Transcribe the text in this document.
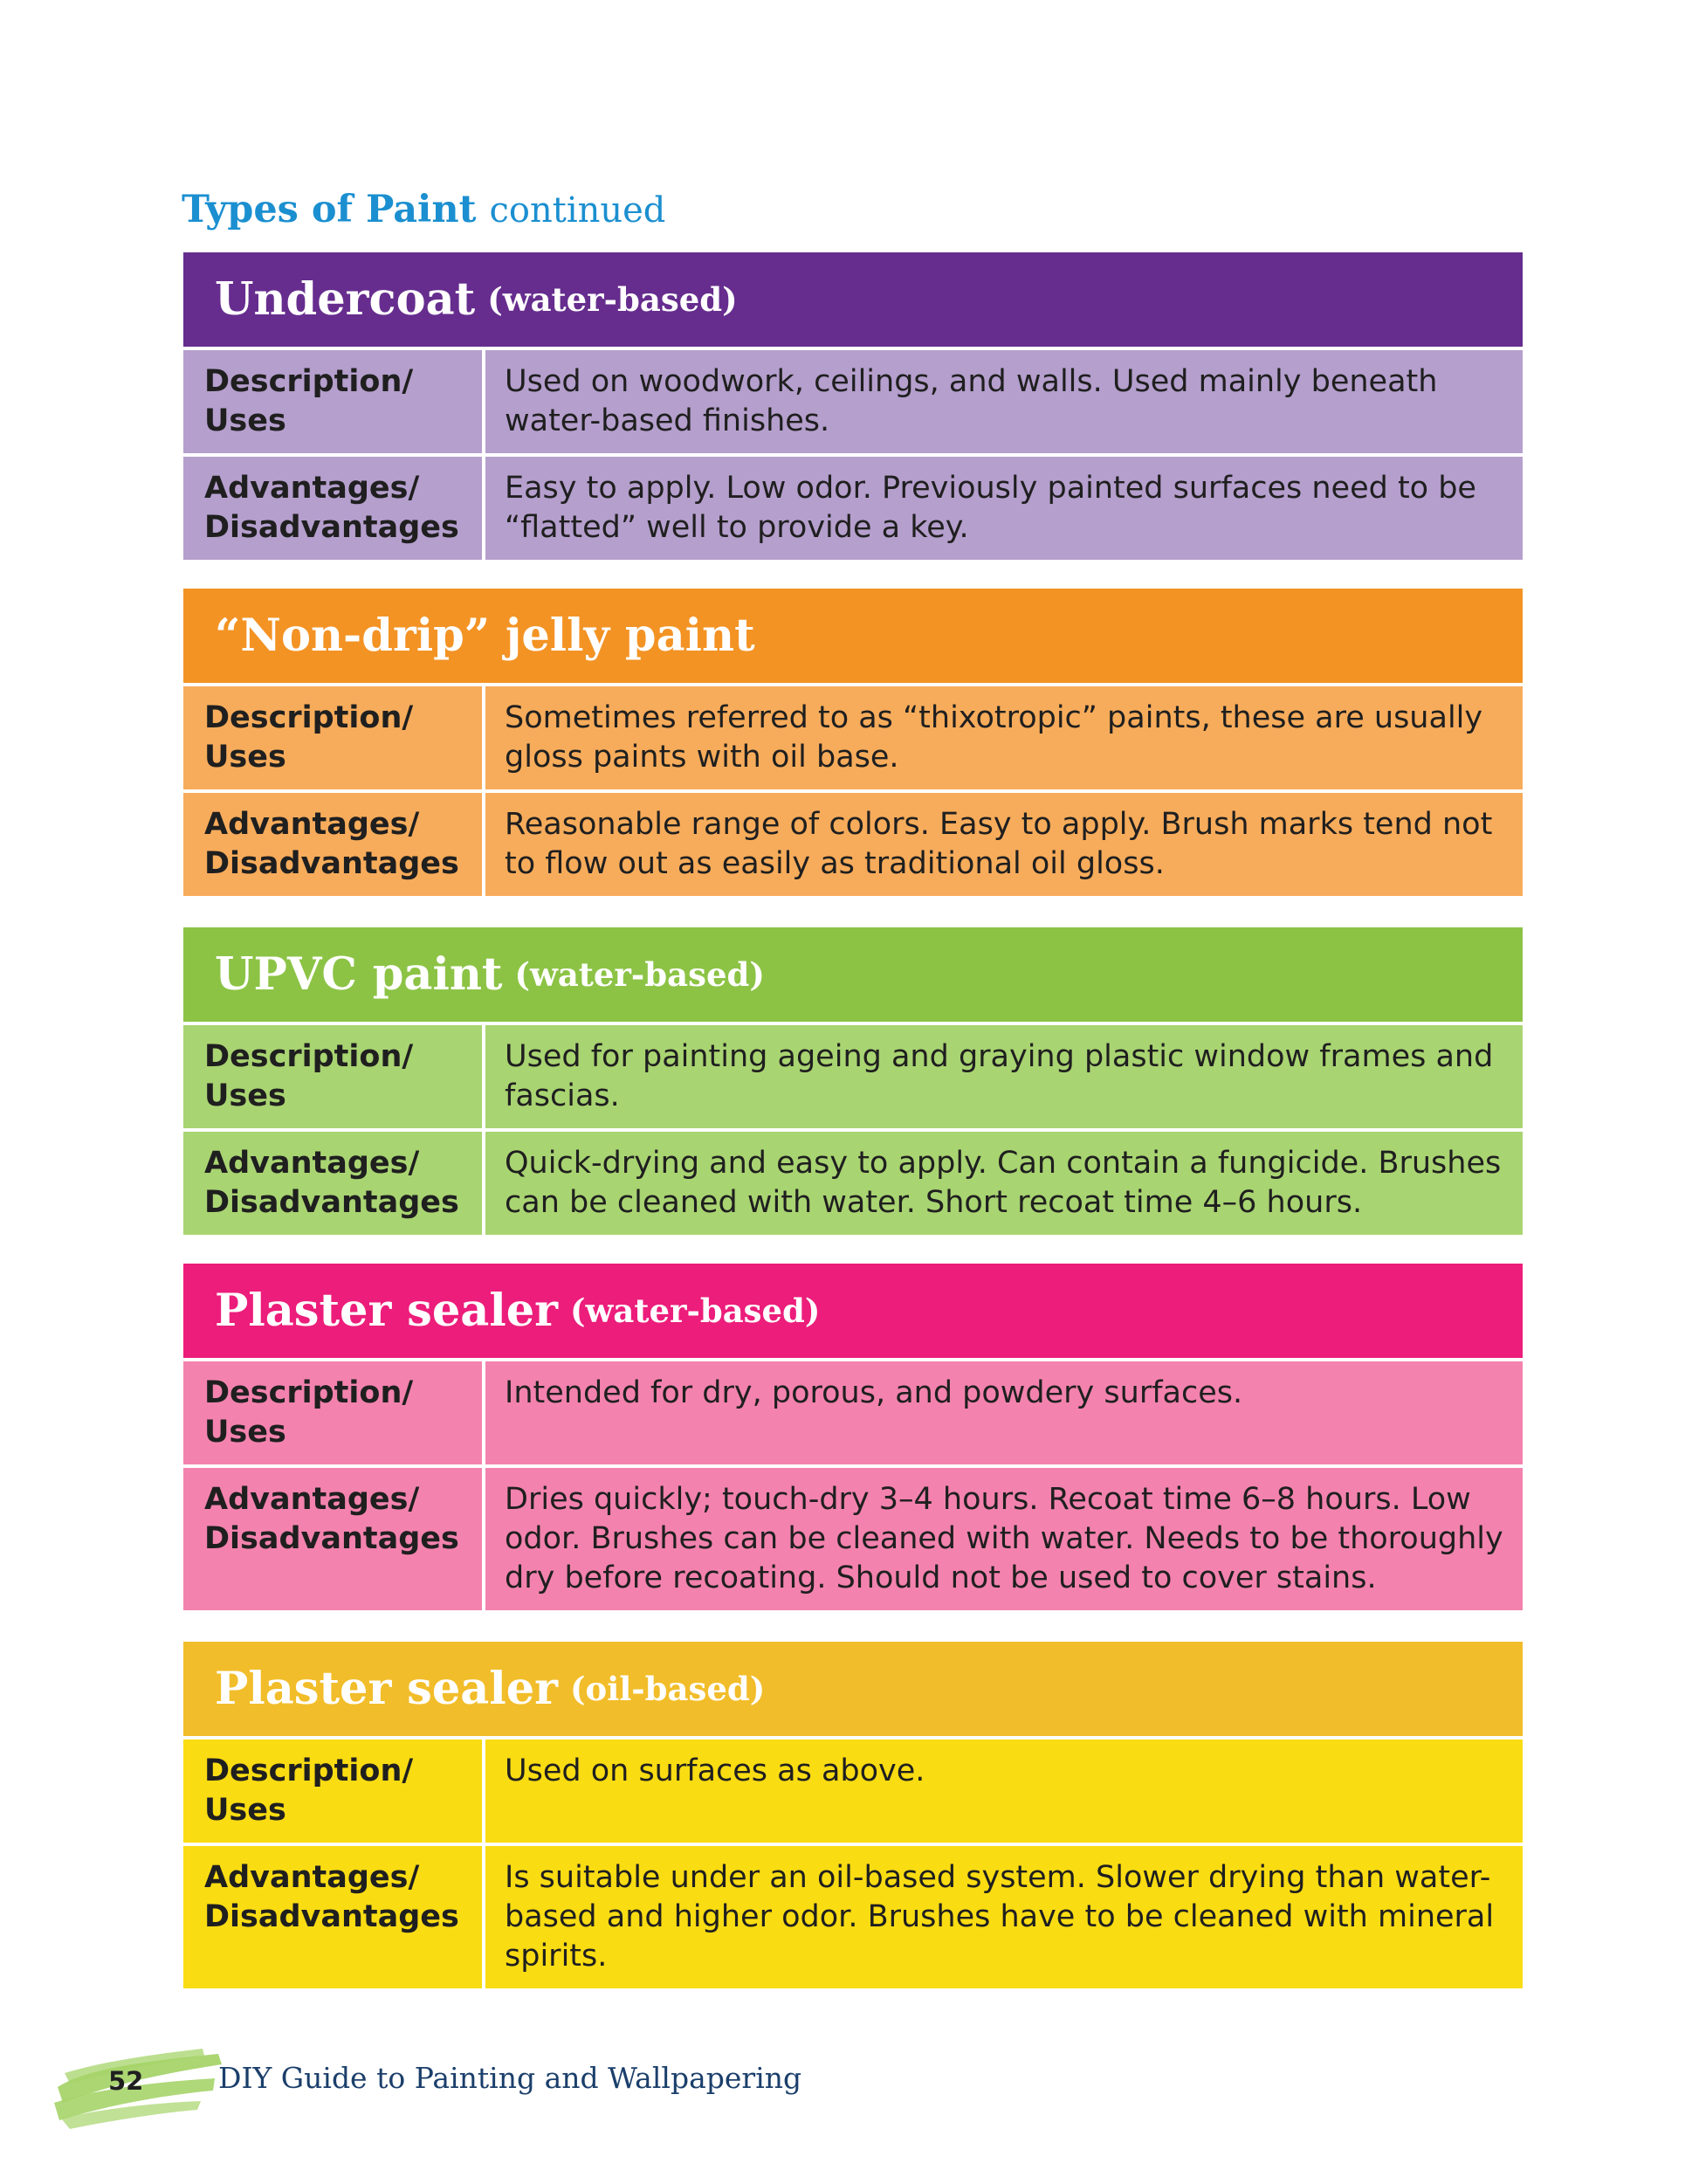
Types of Paint continued
Undercoat (water-based)
Description/
Uses
Used on woodwork, ceilings, and walls. Used mainly beneath water-based finishes.
Advantages/
Disadvantages
Easy to apply. Low odor. Previously painted surfaces need to be “flatted” well to provide a key.
“Non-drip” jelly paint
Description/
Uses
Sometimes referred to as “thixotropic” paints, these are usually gloss paints with oil base.
Advantages/
Disadvantages
Reasonable range of colors. Easy to apply. Brush marks tend not to flow out as easily as traditional oil gloss.
UPVC paint (water-based)
Description/
Uses
Used for painting ageing and graying plastic window frames and fascias.
Advantages/
Disadvantages
Quick-drying and easy to apply. Can contain a fungicide. Brushes can be cleaned with water. Short recoat time 4–6 hours.
Plaster sealer (water-based)
Description/
Uses
Intended for dry, porous, and powdery surfaces.
Advantages/
Disadvantages
Dries quickly; touch-dry 3–4 hours. Recoat time 6–8 hours. Low odor. Brushes can be cleaned with water. Needs to be thoroughly dry before recoating. Should not be used to cover stains.
Plaster sealer (oil-based)
Description/
Uses
Used on surfaces as above.
Advantages/
Disadvantages
Is suitable under an oil-based system. Slower drying than water-based and higher odor. Brushes have to be cleaned with mineral spirits.
52	DIY Guide to Painting and Wallpapering
